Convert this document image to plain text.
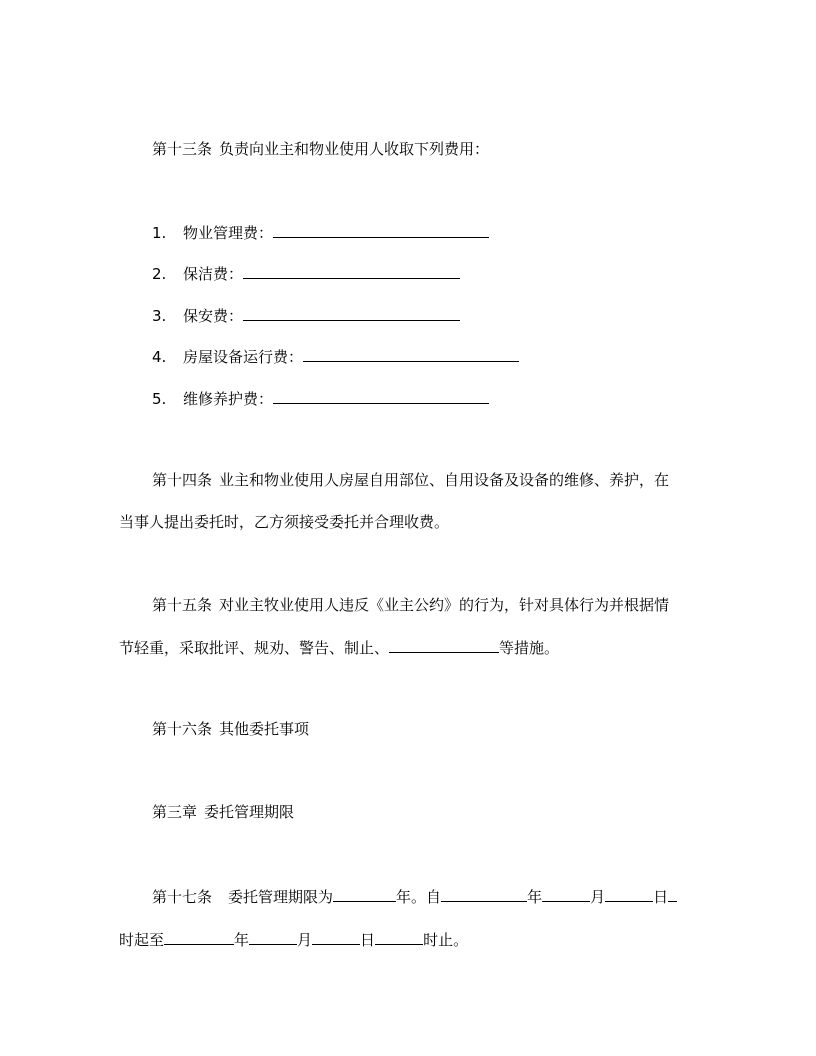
第十三条 负责向业主和物业使用人收取下列费用：
1. 物业管理费：
2. 保洁费：
3. 保安费：
4. 房屋设备运行费：
5. 维修养护费：
第十四条 业主和物业使用人房屋自用部位、自用设备及设备的维修、养护，在
当事人提出委托时，乙方须接受委托并合理收费。
第十五条 对业主牧业使用人违反《业主公约》的行为，针对具体行为并根据情
节轻重，采取批评、规劝、警告、制止、	等措施。
第十六条 其他委托事项
第三章 委托管理期限
第十七条 委托管理期限为	年。自	年	月	日
时起至	年	月	日	时止。
